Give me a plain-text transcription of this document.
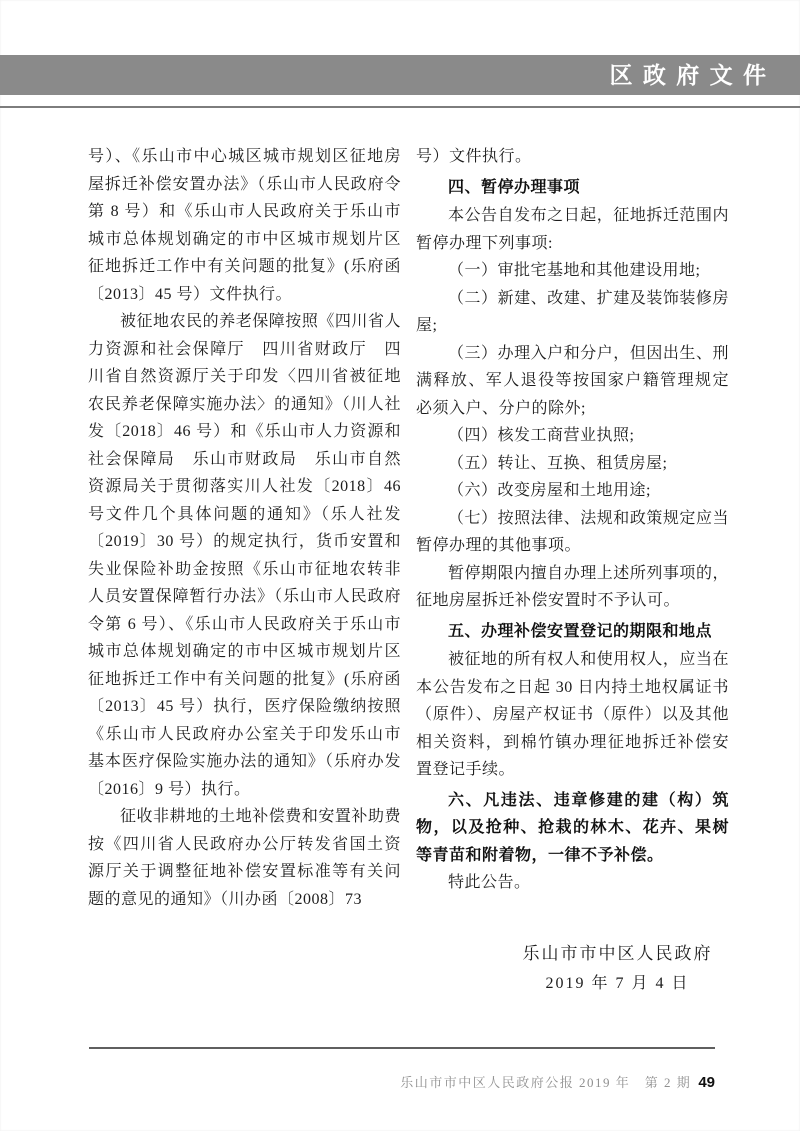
区 政 府 文 件

号）、《乐山市中心城区城市规划区征地房屋拆迁补偿安置办法》（乐山市人民政府令第 8 号）和《乐山市人民政府关于乐山市城市总体规划确定的市中区城市规划片区征地拆迁工作中有关问题的批复》(乐府函〔2013〕45 号）文件执行。

被征地农民的养老保障按照《四川省人力资源和社会保障厅　四川省财政厅　四川省自然资源厅关于印发〈四川省被征地农民养老保障实施办法〉的通知》（川人社发〔2018〕46 号）和《乐山市人力资源和社会保障局　乐山市财政局　乐山市自然资源局关于贯彻落实川人社发〔2018〕46 号文件几个具体问题的通知》（乐人社发〔2019〕30 号）的规定执行，货币安置和失业保险补助金按照《乐山市征地农转非人员安置保障暂行办法》（乐山市人民政府令第 6 号）、《乐山市人民政府关于乐山市城市总体规划确定的市中区城市规划片区征地拆迁工作中有关问题的批复》(乐府函〔2013〕45 号）执行，医疗保险缴纳按照《乐山市人民政府办公室关于印发乐山市基本医疗保险实施办法的通知》（乐府办发〔2016〕9 号）执行。

征收非耕地的土地补偿费和安置补助费按《四川省人民政府办公厅转发省国土资源厅关于调整征地补偿安置标准等有关问题的意见的通知》（川办函〔2008〕73

号）文件执行。

四、暂停办理事项

本公告自发布之日起，征地拆迁范围内暂停办理下列事项:

（一）审批宅基地和其他建设用地;

（二）新建、改建、扩建及装饰装修房屋;

（三）办理入户和分户，但因出生、刑满释放、军人退役等按国家户籍管理规定必须入户、分户的除外;

（四）核发工商营业执照;

（五）转让、互换、租赁房屋;

（六）改变房屋和土地用途;

（七）按照法律、法规和政策规定应当暂停办理的其他事项。

暂停期限内擅自办理上述所列事项的，征地房屋拆迁补偿安置时不予认可。

五、办理补偿安置登记的期限和地点

被征地的所有权人和使用权人，应当在本公告发布之日起 30 日内持土地权属证书（原件）、房屋产权证书（原件）以及其他相关资料，到棉竹镇办理征地拆迁补偿安置登记手续。

六、凡违法、违章修建的建（构）筑物，以及抢种、抢栽的林木、花卉、果树等青苗和附着物，一律不予补偿。

特此公告。

乐山市市中区人民政府
2019 年 7 月 4 日

乐山市市中区人民政府公报 2019 年　第 2 期 49
